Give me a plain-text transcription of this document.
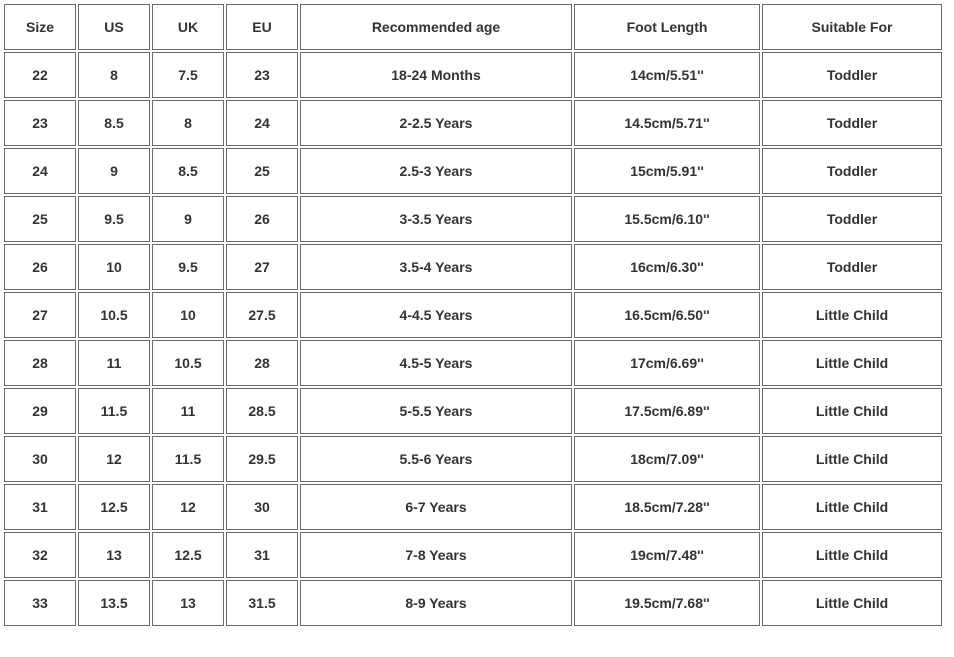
Size	US	UK	EU	Recommended age	Foot Length	Suitable For
22	8	7.5	23	18-24 Months	14cm/5.51''	Toddler
23	8.5	8	24	2-2.5 Years	14.5cm/5.71''	Toddler
24	9	8.5	25	2.5-3 Years	15cm/5.91''	Toddler
25	9.5	9	26	3-3.5 Years	15.5cm/6.10''	Toddler
26	10	9.5	27	3.5-4 Years	16cm/6.30''	Toddler
27	10.5	10	27.5	4-4.5 Years	16.5cm/6.50''	Little Child
28	11	10.5	28	4.5-5 Years	17cm/6.69''	Little Child
29	11.5	11	28.5	5-5.5 Years	17.5cm/6.89''	Little Child
30	12	11.5	29.5	5.5-6 Years	18cm/7.09''	Little Child
31	12.5	12	30	6-7 Years	18.5cm/7.28''	Little Child
32	13	12.5	31	7-8 Years	19cm/7.48''	Little Child
33	13.5	13	31.5	8-9 Years	19.5cm/7.68''	Little Child
